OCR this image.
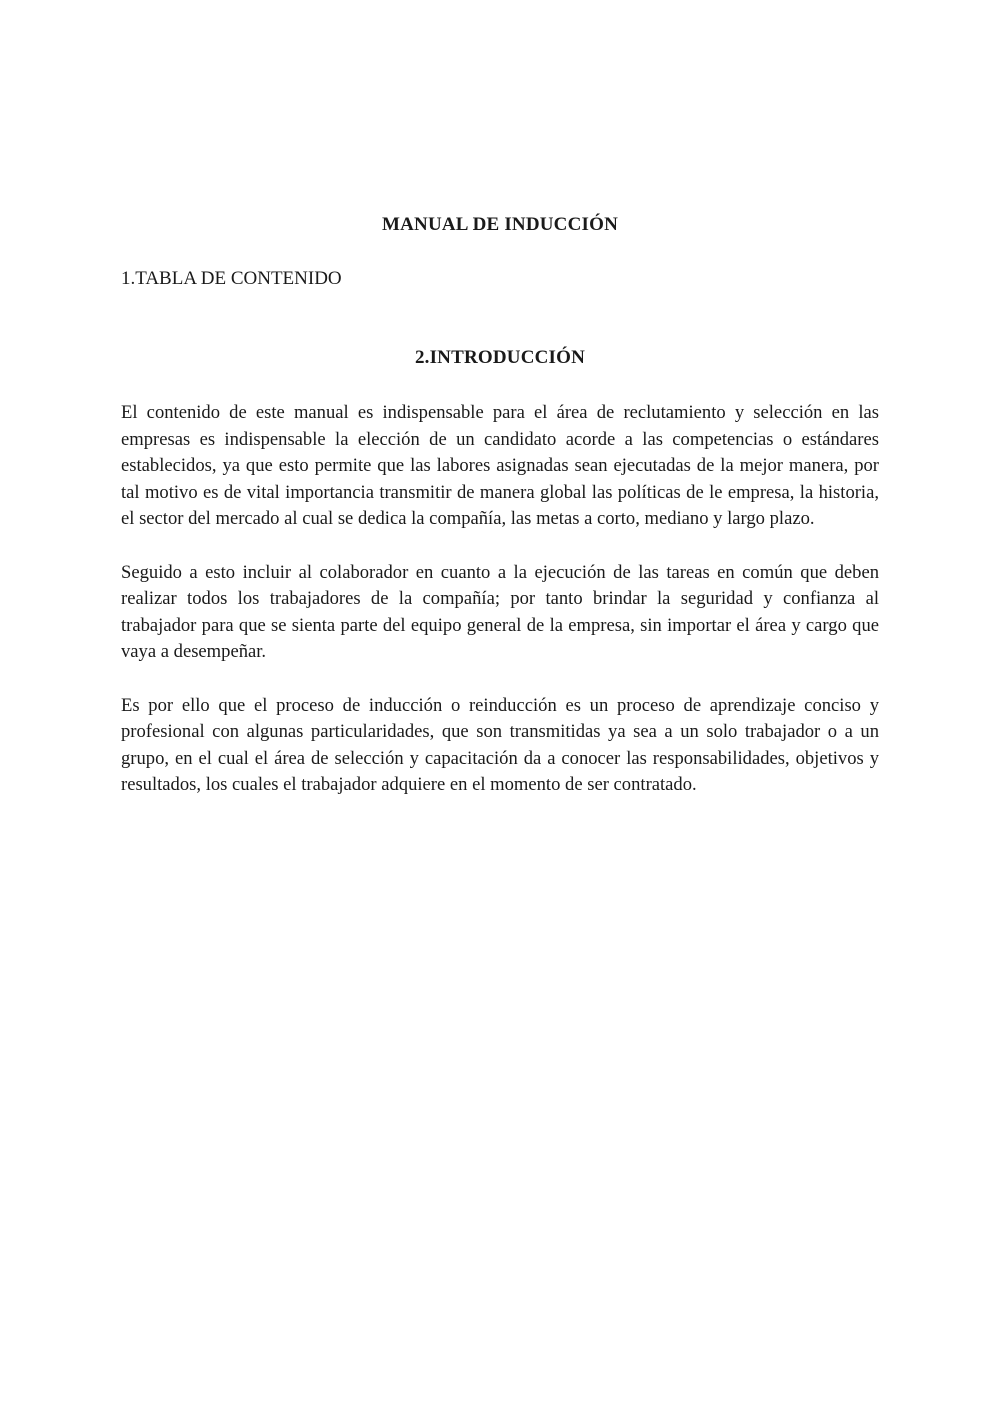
MANUAL DE INDUCCIÓN
1.TABLA DE CONTENIDO
2.INTRODUCCIÓN

El contenido de este manual es indispensable para el área de reclutamiento y selección en las empresas es indispensable la elección de un candidato acorde a las competencias o estándares establecidos, ya que esto permite que las labores asignadas sean ejecutadas de la mejor manera, por tal motivo es de vital importancia transmitir de manera global las políticas de le empresa, la historia, el sector del mercado al cual se dedica la compañía, las metas a corto, mediano y largo plazo.

Seguido a esto incluir al colaborador en cuanto a la ejecución de las tareas en común que deben realizar todos los trabajadores de la compañía; por tanto brindar la seguridad y confianza al trabajador para que se sienta parte del equipo general de la empresa, sin importar el área y cargo que vaya a desempeñar.

Es por ello que el proceso de inducción o reinducción es un proceso de aprendizaje conciso y profesional con algunas particularidades, que son transmitidas ya sea a un solo trabajador o a un grupo, en el cual el área de selección y capacitación da a conocer las responsabilidades, objetivos y resultados, los cuales el trabajador adquiere en el momento de ser contratado.
